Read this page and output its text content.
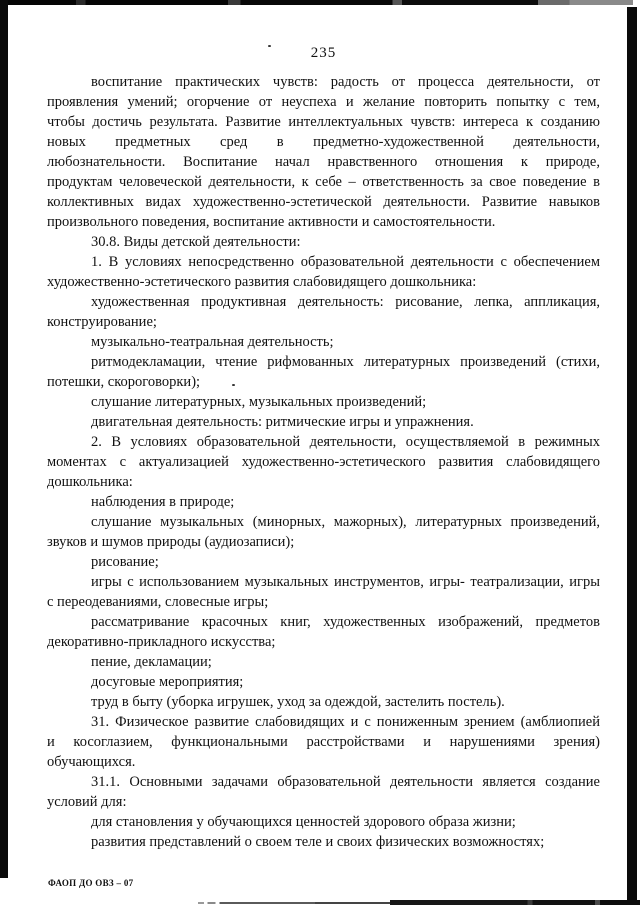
235
воспитание практических чувств: радость от процесса деятельности, от
проявления умений; огорчение от неуспеха и желание повторить попытку с тем,
чтобы достичь результата. Развитие интеллектуальных чувств: интереса к созданию
новых предметных сред в предметно-художественной деятельности,
любознательности. Воспитание начал нравственного отношения к природе,
продуктам человеческой деятельности, к себе – ответственность за свое поведение в
коллективных видах художественно-эстетической деятельности. Развитие навыков
произвольного поведения, воспитание активности и самостоятельности.
30.8. Виды детской деятельности:
1. В условиях непосредственно образовательной деятельности с обеспечением
художественно-эстетического развития слабовидящего дошкольника:
художественная продуктивная деятельность: рисование, лепка, аппликация,
конструирование;
музыкально-театральная деятельность;
ритмодекламации, чтение рифмованных литературных произведений (стихи,
потешки, скороговорки);
слушание литературных, музыкальных произведений;
двигательная деятельность: ритмические игры и упражнения.
2. В условиях образовательной деятельности, осуществляемой в режимных
моментах с актуализацией художественно-эстетического развития слабовидящего
дошкольника:
наблюдения в природе;
слушание музыкальных (минорных, мажорных), литературных произведений,
звуков и шумов природы (аудиозаписи);
рисование;
игры с использованием музыкальных инструментов, игры- театрализации, игры
с переодеваниями, словесные игры;
рассматривание красочных книг, художественных изображений, предметов
декоративно-прикладного искусства;
пение, декламации;
досуговые мероприятия;
труд в быту (уборка игрушек, уход за одеждой, застелить постель).
31. Физическое развитие слабовидящих и с пониженным зрением (амблиопией
и косоглазием, функциональными расстройствами и нарушениями зрения)
обучающихся.
31.1. Основными задачами образовательной деятельности является создание
условий для:
для становления у обучающихся ценностей здорового образа жизни;
развития представлений о своем теле и своих физических возможностях;
ФАОП ДО ОВЗ – 07
